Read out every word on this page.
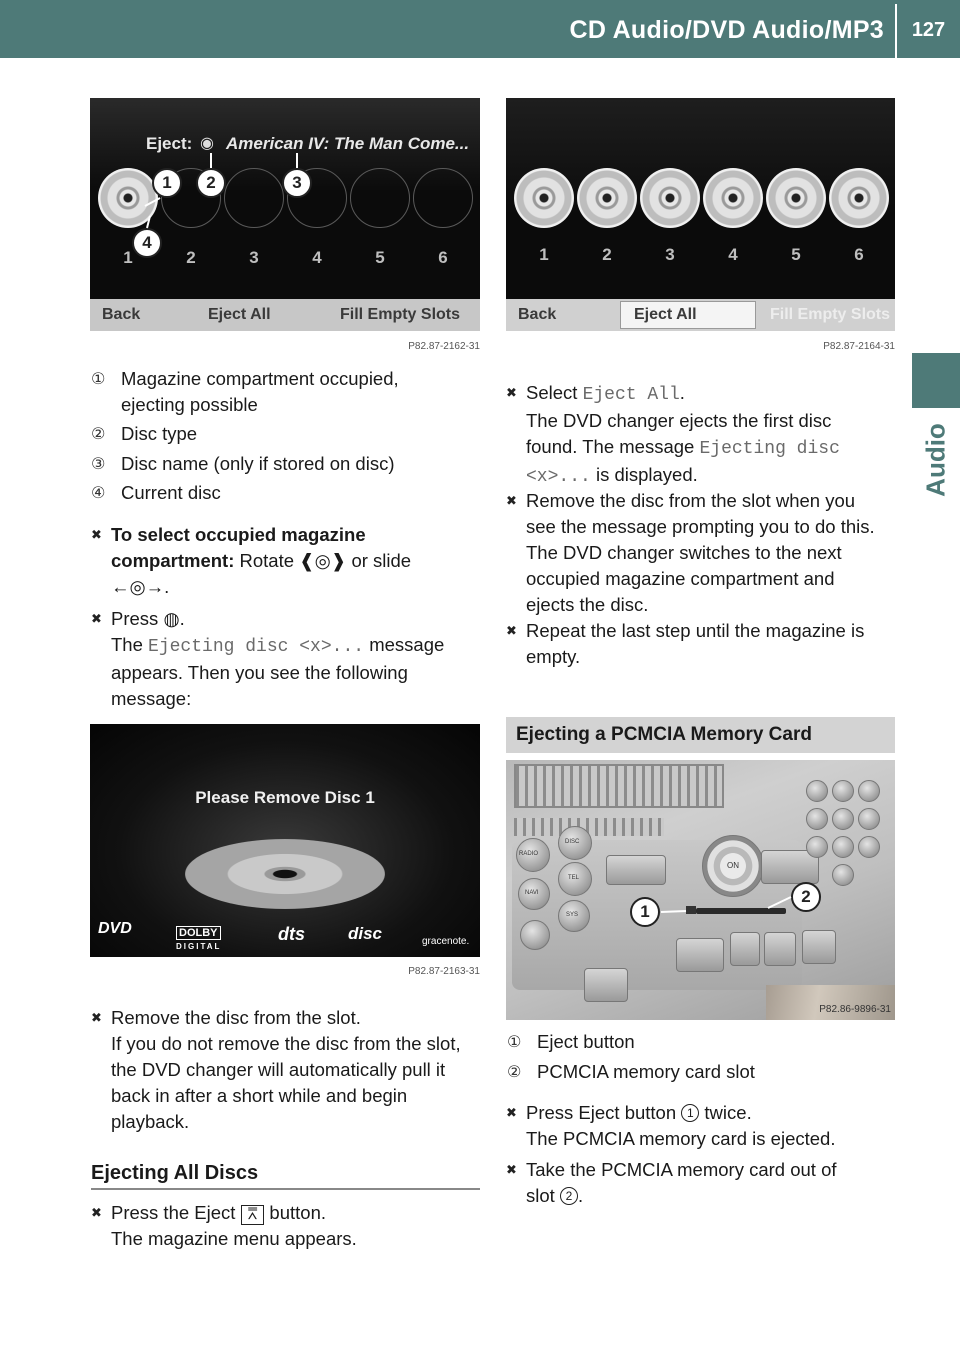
CD Audio/DVD Audio/MP3	127
Audio
Eject: ◉ American IV: The Man Come...
1	2	3	4	5	6
1	2	3
4
Back	Eject All	Fill Empty Slots
P82.87-2162-31
① Magazine compartment occupied, ejecting possible
② Disc type
③ Disc name (only if stored on disc)
④ Current disc
✖ To select occupied magazine compartment: Rotate ❰◎❱ or slide
←◎→.
✖ Press ◍.
The Ejecting disc <x>... message
appears. Then you see the following
message:
Please Remove Disc 1
DVD	DOLBY
DIGITAL
dts	disc	gracenote.
P82.87-2163-31
✖ Remove the disc from the slot.
If you do not remove the disc from the slot,
the DVD changer will automatically pull it
back in after a short while and begin
playback.
Ejecting All Discs
✖ Press the Eject ⩞ button.
The magazine menu appears.
1	2	3	4	5	6
Back	Eject All	Fill Empty Slots
P82.87-2164-31
✖ Select Eject All.
The DVD changer ejects the first disc
found. The message Ejecting disc
<x>... is displayed.
✖ Remove the disc from the slot when you
see the message prompting you to do this.
The DVD changer switches to the next
occupied magazine compartment and
ejects the disc.
✖ Repeat the last step until the magazine is
empty.
Ejecting a PCMCIA Memory Card
RADIO
DISC
TEL
NAVI
SYS
ON
1
2
P82.86-9896-31
① Eject button
② PCMCIA memory card slot
✖ Press Eject button 1 twice.
The PCMCIA memory card is ejected.
✖ Take the PCMCIA memory card out of
slot 2 .
